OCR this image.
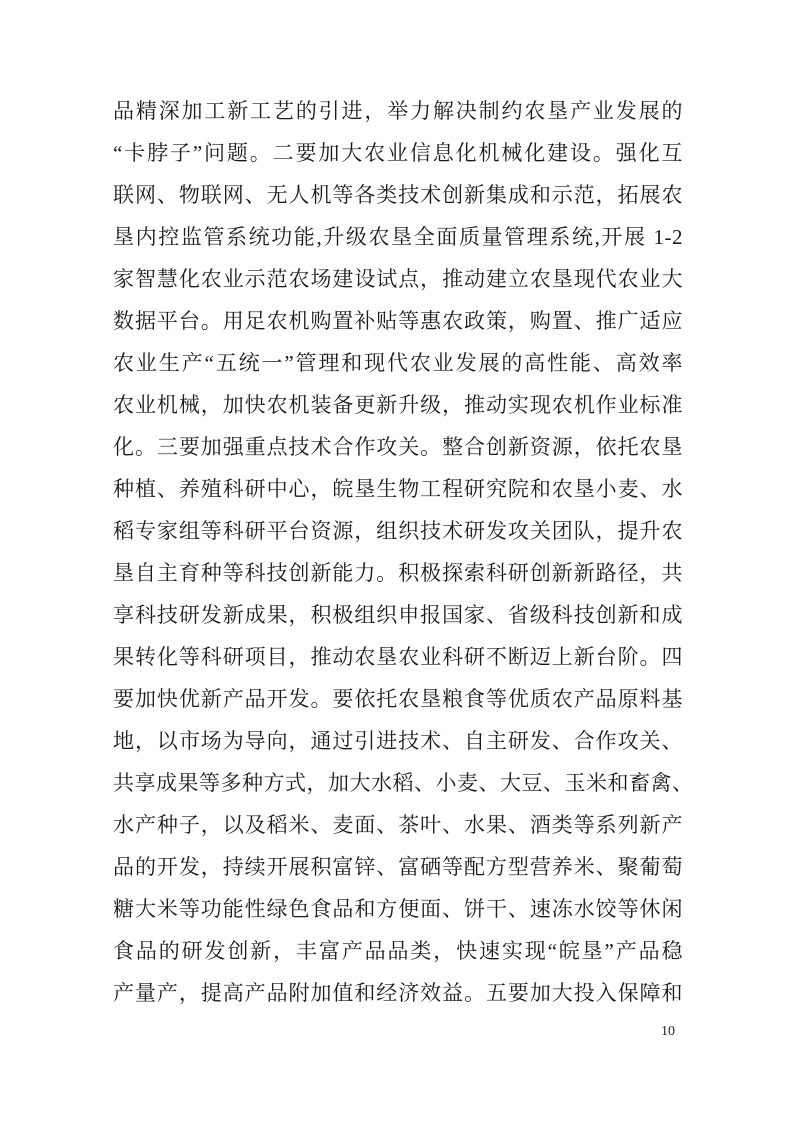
品精深加工新工艺的引进，举力解决制约农垦产业发展的
“卡脖子”问题。二要加大农业信息化机械化建设。强化互
联网、物联网、无人机等各类技术创新集成和示范，拓展农
垦内控监管系统功能,升级农垦全面质量管理系统,开展 1-2
家智慧化农业示范农场建设试点，推动建立农垦现代农业大
数据平台。用足农机购置补贴等惠农政策，购置、推广适应
农业生产“五统一”管理和现代农业发展的高性能、高效率
农业机械，加快农机装备更新升级，推动实现农机作业标准
化。三要加强重点技术合作攻关。整合创新资源，依托农垦
种植、养殖科研中心，皖垦生物工程研究院和农垦小麦、水
稻专家组等科研平台资源，组织技术研发攻关团队，提升农
垦自主育种等科技创新能力。积极探索科研创新新路径，共
享科技研发新成果，积极组织申报国家、省级科技创新和成
果转化等科研项目，推动农垦农业科研不断迈上新台阶。四
要加快优新产品开发。要依托农垦粮食等优质农产品原料基
地，以市场为导向，通过引进技术、自主研发、合作攻关、
共享成果等多种方式，加大水稻、小麦、大豆、玉米和畜禽、
水产种子，以及稻米、麦面、茶叶、水果、酒类等系列新产
品的开发，持续开展积富锌、富硒等配方型营养米、聚葡萄
糖大米等功能性绿色食品和方便面、饼干、速冻水饺等休闲
食品的研发创新，丰富产品品类，快速实现“皖垦”产品稳
产量产，提高产品附加值和经济效益。五要加大投入保障和
10
